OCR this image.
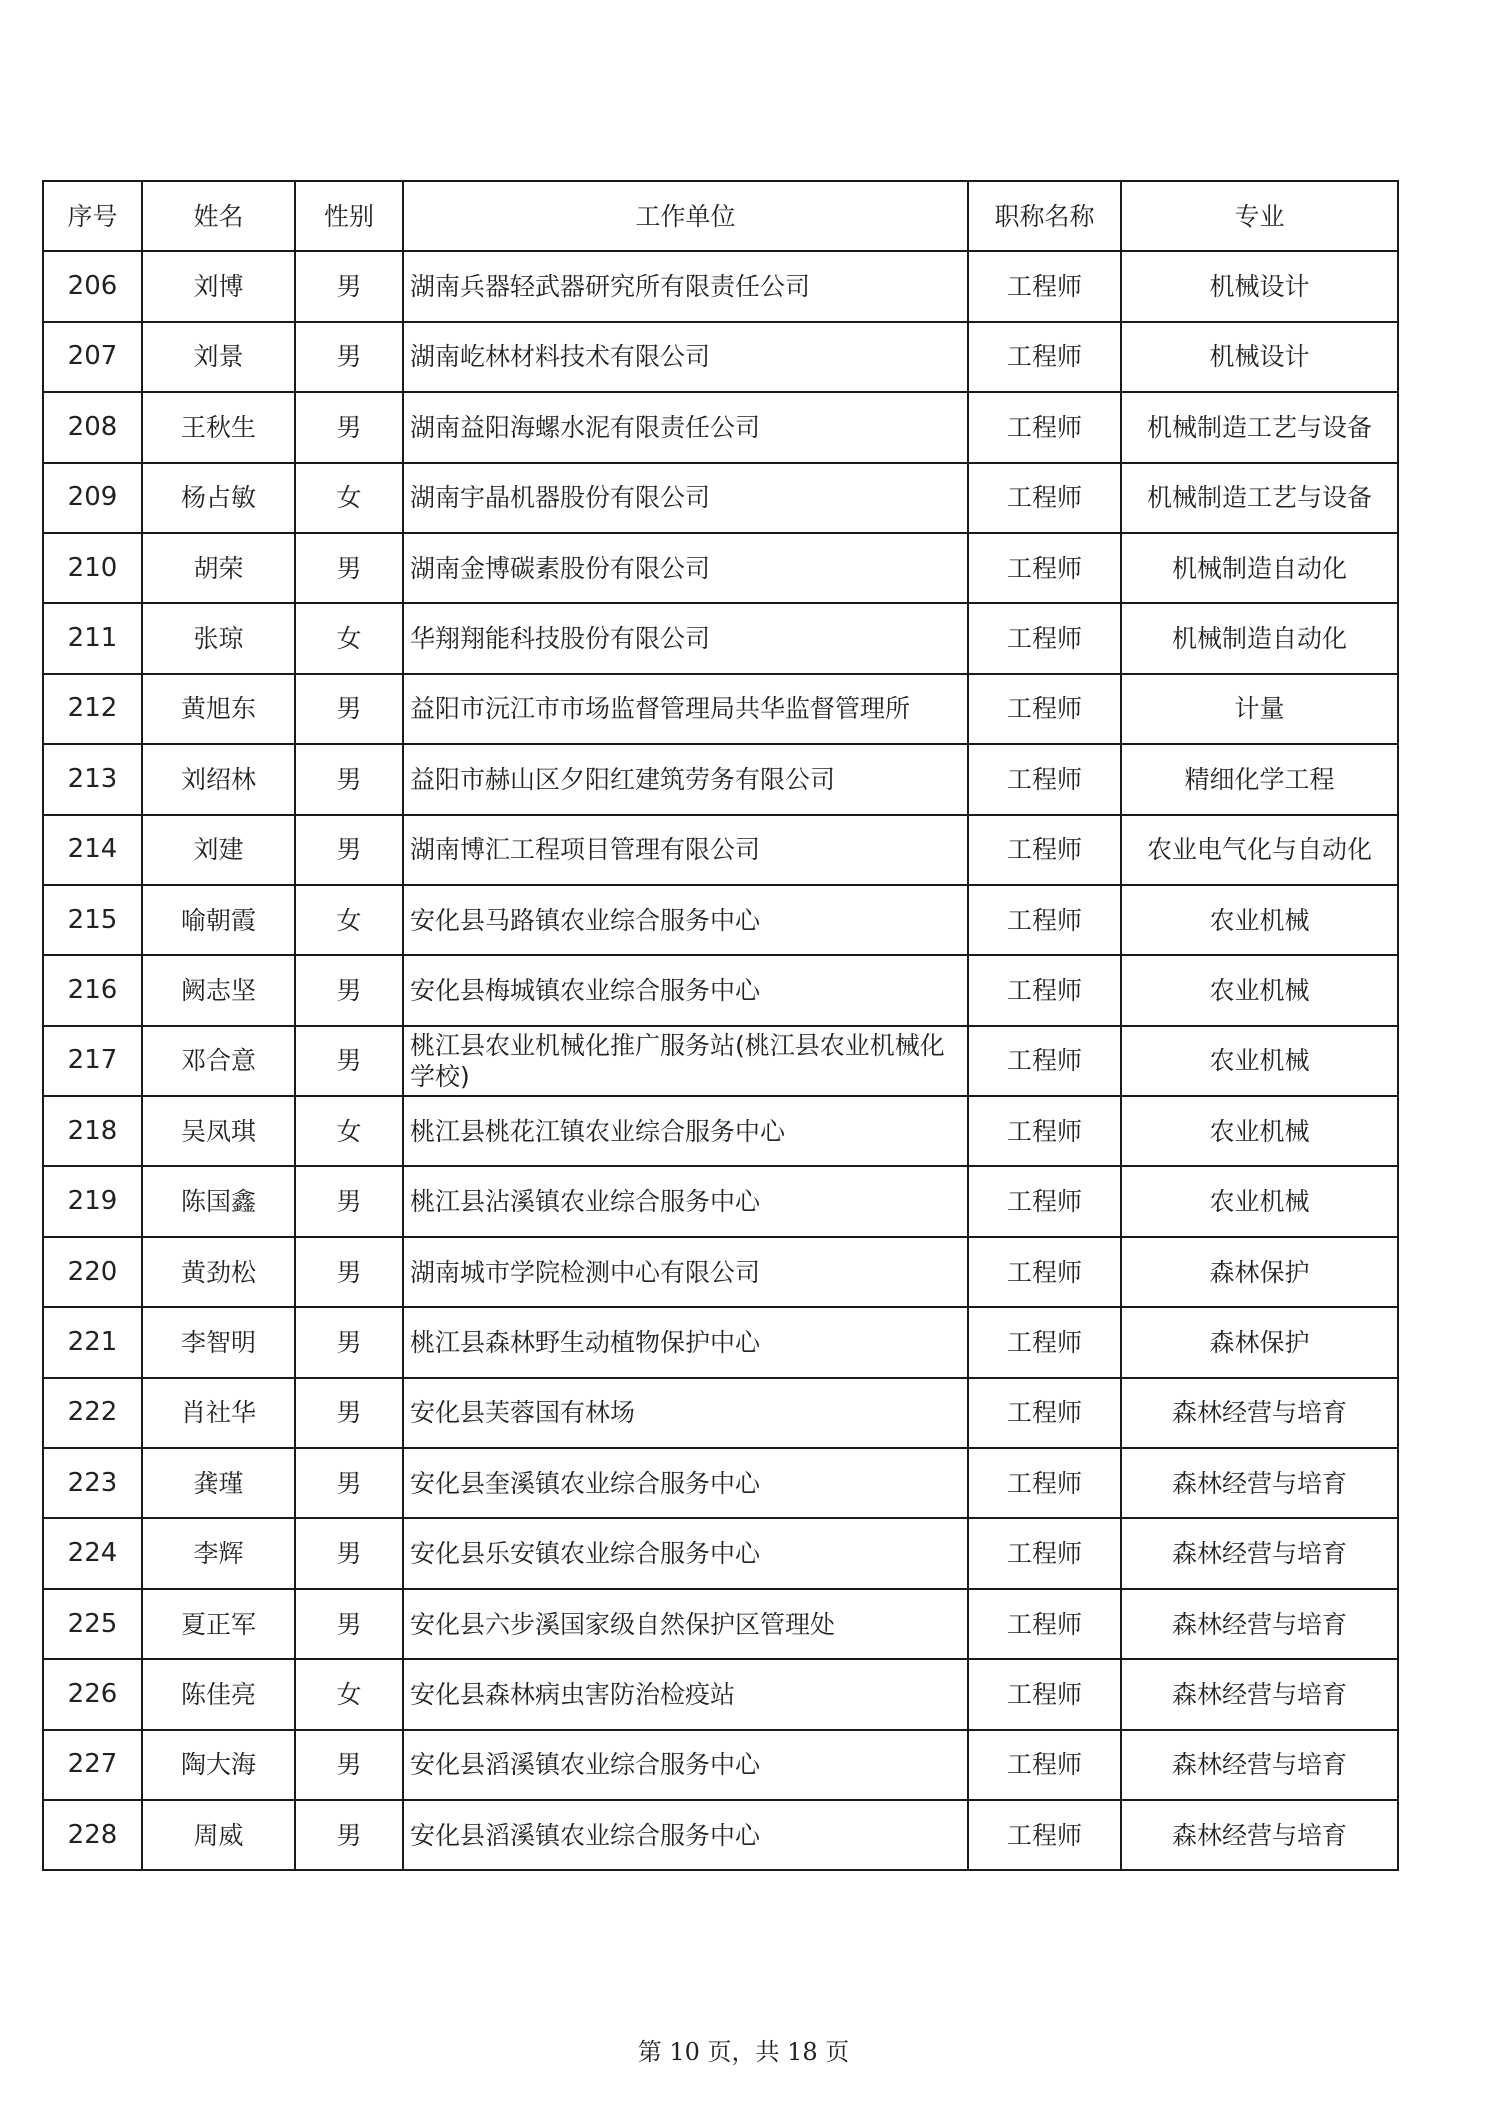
序号	姓名	性别	工作单位	职称名称	专业
206	刘博	男	湖南兵器轻武器研究所有限责任公司	工程师	机械设计
207	刘景	男	湖南屹林材料技术有限公司	工程师	机械设计
208	王秋生	男	湖南益阳海螺水泥有限责任公司	工程师	机械制造工艺与设备
209	杨占敏	女	湖南宇晶机器股份有限公司	工程师	机械制造工艺与设备
210	胡荣	男	湖南金博碳素股份有限公司	工程师	机械制造自动化
211	张琼	女	华翔翔能科技股份有限公司	工程师	机械制造自动化
212	黄旭东	男	益阳市沅江市市场监督管理局共华监督管理所	工程师	计量
213	刘绍林	男	益阳市赫山区夕阳红建筑劳务有限公司	工程师	精细化学工程
214	刘建	男	湖南博汇工程项目管理有限公司	工程师	农业电气化与自动化
215	喻朝霞	女	安化县马路镇农业综合服务中心	工程师	农业机械
216	阙志坚	男	安化县梅城镇农业综合服务中心	工程师	农业机械
217	邓合意	男	桃江县农业机械化推广服务站(桃江县农业机械化学校)	工程师	农业机械
218	吴凤琪	女	桃江县桃花江镇农业综合服务中心	工程师	农业机械
219	陈国鑫	男	桃江县沾溪镇农业综合服务中心	工程师	农业机械
220	黄劲松	男	湖南城市学院检测中心有限公司	工程师	森林保护
221	李智明	男	桃江县森林野生动植物保护中心	工程师	森林保护
222	肖社华	男	安化县芙蓉国有林场	工程师	森林经营与培育
223	龚瑾	男	安化县奎溪镇农业综合服务中心	工程师	森林经营与培育
224	李辉	男	安化县乐安镇农业综合服务中心	工程师	森林经营与培育
225	夏正军	男	安化县六步溪国家级自然保护区管理处	工程师	森林经营与培育
226	陈佳亮	女	安化县森林病虫害防治检疫站	工程师	森林经营与培育
227	陶大海	男	安化县滔溪镇农业综合服务中心	工程师	森林经营与培育
228	周威	男	安化县滔溪镇农业综合服务中心	工程师	森林经营与培育
第 10 页，共 18 页
